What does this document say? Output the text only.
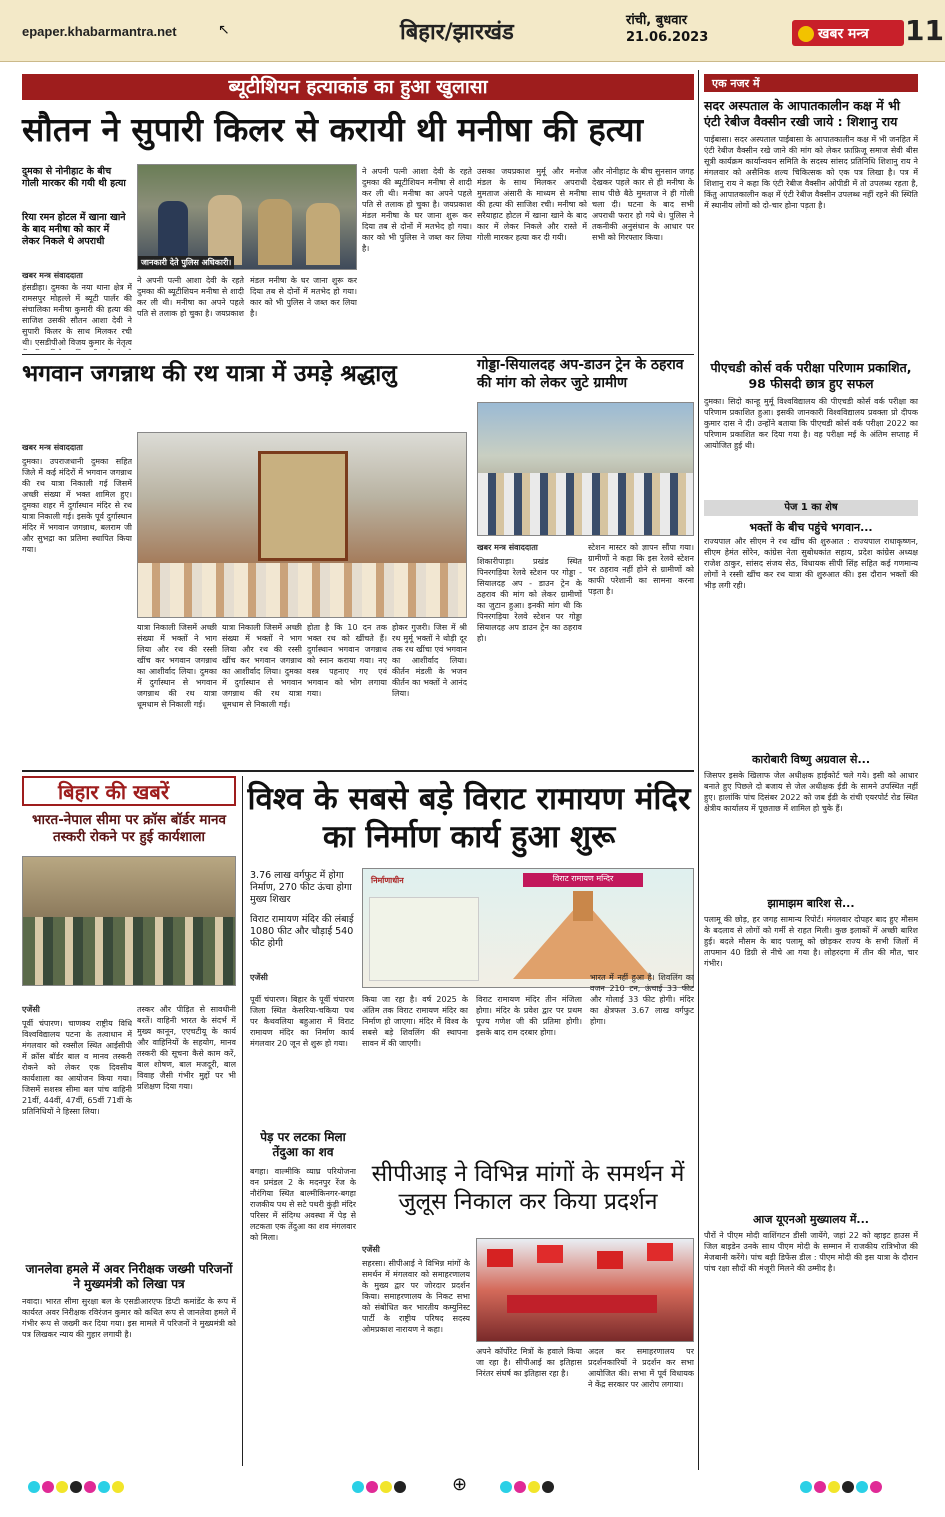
epaper.khabarmantra.net	↖	बिहार/झारखंड	रांची, बुधवार
21.06.2023	खबर मन्त्र	11
ब्यूटीशियन हत्याकांड का हुआ खुलासा
सौतन ने सुपारी किलर से करायी थी मनीषा की हत्या
दुमका से नोनीहाट के बीच गोली मारकर की गयी थी हत्या
रिया रमन होटल में खाना खाने के बाद मनीषा को कार में लेकर निकले थे अपराधी
खबर मन्त्र संवाददाता
जानकारी देते पुलिस अधिकारी।
हंसडीहा। दुमका के नया थाना क्षेत्र में रामसपुर मोहल्ले में ब्यूटी पार्लर की संचालिका मनीषा कुमारी की हत्या की साजिश उसकी सौतन आशा देवी ने सुपारी किलर के साथ मिलकर रची थी। एसडीपीओ विजय कुमार के नेतृत्व
ने अपनी पत्नी आशा देवी के रहते दुमका की ब्यूटीशियन मनीषा से शादी कर ली थी। मनीषा का अपने पहले पति से तलाक हो चुका है। जयप्रकाश मंडल मनीषा के घर जाना शुरू कर दिया तब से दोनों में मतभेद हो गया। कार को भी पुलिस ने जब्त कर लिया है।
ने अपनी पत्नी आशा देवी के रहते दुमका की ब्यूटीशियन मनीषा से शादी कर ली थी। मनीषा का अपने पहले पति से तलाक हो चुका है। जयप्रकाश मंडल मनीषा के घर जाना शुरू कर दिया तब से दोनों में मतभेद हो गया। कार को भी पुलिस ने जब्त कर लिया है।
उसका जयप्रकाश मुर्मू और मनोज मंडल के साथ मिलकर अपराधी मुमताज अंसारी के माध्यम से मनीषा की हत्या की साजिश रची। मनीषा को सरैयाहाट होटल में खाना खाने के बाद कार में लेकर निकले और रास्ते में गोली मारकर हत्या कर दी गयी।
और नोनीहाट के बीच सुनसान जगह देखकर पहले कार से ही मनीषा के साथ पीछे बैठे मुमताज ने ही गोली चला दी। घटना के बाद सभी अपराधी फरार हो गये थे। पुलिस ने तकनीकी अनुसंधान के आधार पर सभी को गिरफ्तार किया।
भगवान जगन्नाथ की रथ यात्रा में उमड़े श्रद्धालु
खबर मन्त्र संवाददाता
दुमका। उपराजधानी दुमका सहित जिले में कई मंदिरों में भगवान जगन्नाथ की रथ यात्रा निकाली गई जिसमें अच्छी संख्या में भक्त शामिल हुए। दुमका शहर में दुर्गास्थान मंदिर से रथ यात्रा निकाली गई। इसके पूर्व दुर्गास्थान मंदिर में भगवान जगन्नाथ, बलराम जी और सुभद्रा का प्रतिमा स्थापित किया गया।
यात्रा निकाली जिसमें अच्छी संख्या में भक्तों ने भाग लिया और रथ की रस्सी खींच कर भगवान जगन्नाथ का आशीर्वाद लिया। दुमका में दुर्गास्थान से भगवान जगन्नाथ की रथ यात्रा धूमधाम से निकाली गई।
यात्रा निकाली जिसमें अच्छी संख्या में भक्तों ने भाग लिया और रथ की रस्सी खींच कर भगवान जगन्नाथ का आशीर्वाद लिया। दुमका में दुर्गास्थान से भगवान जगन्नाथ की रथ यात्रा धूमधाम से निकाली गई।
होता है कि 10 दन तक भक्त रथ को खींचते हैं। दुर्गास्थान भगवान जगन्नाथ को स्नान कराया गया। नए वस्त्र पहनाए गए एवं भगवान को भोग लगाया गया।
होकर गुजरी। जिस में श्री रथ मुर्मू भक्तों ने थोड़ी दूर तक रथ खींचा एवं भगवान का आशीर्वाद लिया। कीर्तन मंडली के भजन कीर्तन का भक्तों ने आनंद लिया।
गोड्डा-सियालदह अप-डाउन ट्रेन के ठहराव की मांग को लेकर जुटे ग्रामीण
खबर मन्त्र संवाददाता
शिकारीपाड़ा। प्रखंड स्थित पिनरगड़िया रेलवे स्टेशन पर गोड्डा - सियालदह अप - डाउन ट्रेन के ठहराव की मांग को लेकर ग्रामीणों का जुटान हुआ। इनकी मांग थी कि पिनरगड़िया रेलवे स्टेशन पर गोड्डा सियालदह अप डाउन ट्रेन का ठहराव हो।
स्टेशन मास्टर को ज्ञापन सौंपा गया। ग्रामीणों ने कहा कि इस रेलवे स्टेशन पर ठहराव नहीं होने से ग्रामीणों को काफी परेशानी का सामना करना पड़ता है।
एक नजर में
सदर अस्पताल के आपातकालीन कक्ष में भी एंटी रेबीज वैक्सीन रखी जाये : शिशानु राय
पाईबासा। सदर अस्पताल पाईबासा के आपातकालीन कक्ष में भी जनहित में एंटी रेबीज वैक्सीन रखे जाने की मांग को लेकर फ़ाफ़िजू समाज सेवी बीस सूत्री कार्यक्रम कार्यान्वयन समिति के सदस्य सांसद प्रतिनिधि शिशानु राय ने मंगलवार को असैनिक शल्य चिकित्सक को एक पत्र लिखा है। पत्र में शिशानु राय ने कहा कि एंटी रेबीज वैक्सीन ओपीडी में तो उपलब्ध रहता है, किंतु आपातकालीन कक्ष में एंटी रेबीज वैक्सीन उपलब्ध नहीं रहने की स्थिति में स्थानीय लोगों को दो-चार होना पड़ता है।
पीएचडी कोर्स वर्क परीक्षा परिणाम प्रकाशित, 98 फीसदी छात्र हुए सफल
दुमका। सिदो कान्हू मुर्मू विश्वविद्यालय की पीएचडी कोर्स वर्क परीक्षा का परिणाम प्रकाशित हुआ। इसकी जानकारी विश्वविद्यालय प्रवक्ता प्रो दीपक कुमार दास ने दी। उन्होंने बताया कि पीएचडी कोर्स वर्क परीक्षा 2022 का परिणाम प्रकाशित कर दिया गया है। वह परीक्षा मई के अंतिम सप्ताह में आयोजित हुई थी।
पेज 1 का शेष
भक्तों के बीच पहुंचे भगवान...
राज्यपाल और सीएम ने रथ खींच की शुरुआत : राज्यपाल राधाकृष्णन, सीएम हेमंत सोरेन, कांग्रेस नेता सुबोधकांत सहाय, प्रदेश कांग्रेस अध्यक्ष राजेश ठाकुर, सांसद संजय सेठ, विधायक सीपी सिंह सहित कई गणमान्य लोगों ने रस्सी खींच कर रथ यात्रा की शुरुआत की। इस दौरान भक्तों की भीड़ लगी रही।
कारोबारी विष्णु अग्रवाल से...
जिसपर इसके खिलाफ जेल अधीक्षक हाईकोर्ट चले गये। इसी को आधार बनाते हुए पिछले दो बजाय से जेल अधीक्षक ईडी के सामने उपस्थित नहीं हुए। हालांकि पांच दिसंबर 2022 को जब ईडी के रांची एयरपोर्ट रोड स्थित क्षेत्रीय कार्यालय में पूछताछ में शामिल हो चुके हैं।
झामाझम बारिश से...
पलामू की छोड़, हर जगह सामान्य रिपोर्ट। मंगलवार दोपहर बाद हुए मौसम के बदलाव से लोगों को गर्मी से राहत मिली। कुछ इलाकों में अच्छी बारिश हुई। बदले मौसम के बाद पलामू को छोड़कर राज्य के सभी जिलों में तापमान 40 डिग्री से नीचे आ गया है। लोहरदगा में तीन की मौत, चार गंभीर।
आज यूएनओ मुख्यालय में...
पौरों ने पीएम मोदी वाशिंगटन डीसी जायेंगे, जहां 22 को व्हाइट हाउस में जिल बाइडेन उनके साथ पीएम मोदी के सम्मान में राजकीय रात्रिभोज की मेजबानी करेंगे। पांच बड़ी डिफेंस डील : पीएम मोदी की इस यात्रा के दौरान पांच रक्षा सौदों की मंजूरी मिलने की उम्मीद है।
बिहार की खबरें
भारत-नेपाल सीमा पर क्रॉस बॉर्डर मानव तस्करी रोकने पर हुई कार्यशाला
एजेंसी
पूर्वी चंपारण। चाणक्य राष्ट्रीय विधि विश्वविद्यालय पटना के तत्वाधान में मंगलवार को रक्सौल स्थित आईसीपी में क्रॉस बॉर्डर बाल व मानव तस्करी रोकने को लेकर एक दिवसीय कार्यशाला का आयोजन किया गया। जिसमें सशस्त्र सीमा बल पांच वाहिनी 21वीं, 44वीं, 47वीं, 65वीं 71वीं के प्रतिनिधियों ने हिस्सा लिया।
तस्कर और पीड़ित से सावधीनी बरतें। वाहिनी भारत के संदर्भ में मुख्य कानून, एएचटीयू के कार्य और वाहिनियों के सहयोग, मानव तस्करी की सूचना कैसे काम करें, बाल शोषण, बाल मजदूरी, बाल विवाह जैसी गंभीर मुद्दों पर भी प्रशिक्षण दिया गया।
विश्व के सबसे बड़े विराट रामायण मंदिर का निर्माण कार्य हुआ शुरू
3.76 लाख वर्गफुट में होगा निर्माण, 270 फीट ऊंचा होगा मुख्य शिखर
विराट रामायण मंदिर की लंबाई 1080 फीट और चौड़ाई 540 फीट होगी
निर्माणाधीन	विराट रामायण मन्दिर
एजेंसी
पूर्वी चंपारण। बिहार के पूर्वी चंपारण जिला स्थित केसरिया-चकिया पथ पर कैथवलिया बहुआरा में विराट रामायण मंदिर का निर्माण कार्य मंगलवार 20 जून से शुरू हो गया।
किया जा रहा है। वर्ष 2025 के अंतिम तक विराट रामायण मंदिर का निर्माण हो जाएगा। मंदिर में विश्व के सबसे बड़े शिवलिंग की स्थापना सावन में की जाएगी।
विराट रामायण मंदिर तीन मंजिला होगा। मंदिर के प्रवेश द्वार पर प्रथम पूज्य गणेश जी की प्रतिमा होगी। इसके बाद राम दरबार होगा।
भारत में नहीं हुआ है। शिवलिंग का वजन 210 टन, ऊंचाई 33 फीट और गोलाई 33 फीट होगी। मंदिर का क्षेत्रफल 3.67 लाख वर्गफुट होगा।
पेड़ पर लटका मिला तेंदुआ का शव
बगहा। वाल्मीकि व्याघ्र परियोजना वन प्रमंडल 2 के मदनपुर रेंज के नौरंगिया स्थित बाल्मीकिनगर-बगहा राजकीय पथ से सटे पथरी कुंड़ी मंदिर परिसर में संदिग्ध अवस्था में पेड़ से लटकता एक तेंदुआ का शव मंगलवार को मिला।
सीपीआइ ने विभिन्न मांगों के समर्थन में जुलूस निकाल कर किया प्रदर्शन
एजेंसी
सहरसा। सीपीआई ने विभिन्न मांगों के समर्थन में मंगलवार को समाहरणालय के मुख्य द्वार पर जोरदार प्रदर्शन किया। समाहरणालय के निकट सभा को संबोधित कर भारतीय कम्युनिस्ट पार्टी के राष्ट्रीय परिषद सदस्य ओमप्रकाश नारायण ने कहा।
अपने कॉर्पोरेट मित्रों के हवाले किया जा रहा है। सीपीआई का इतिहास निरंतर संघर्ष का इतिहास रहा है।
अदल कर समाहरणालय पर प्रदर्शनकारियों ने प्रदर्शन कर सभा आयोजित की। सभा में पूर्व विधायक ने केंद्र सरकार पर आरोप लगाया।
जानलेवा हमले में अवर निरीक्षक जख्मी परिजनों ने मुख्यमंत्री को लिखा पत्र
नवादा। भारत सीमा सुरक्षा बल के एसडीआरएफ डिप्टी कमांडेंट के रूप में कार्यरत अवर निरीक्षक रविरंजन कुमार को कथित रूप से जानलेवा हमले में गंभीर रूप से जख्मी कर दिया गया। इस मामले में परिजनों ने मुख्यमंत्री को पत्र लिखकर न्याय की गुहार लगायी है।
⊕
